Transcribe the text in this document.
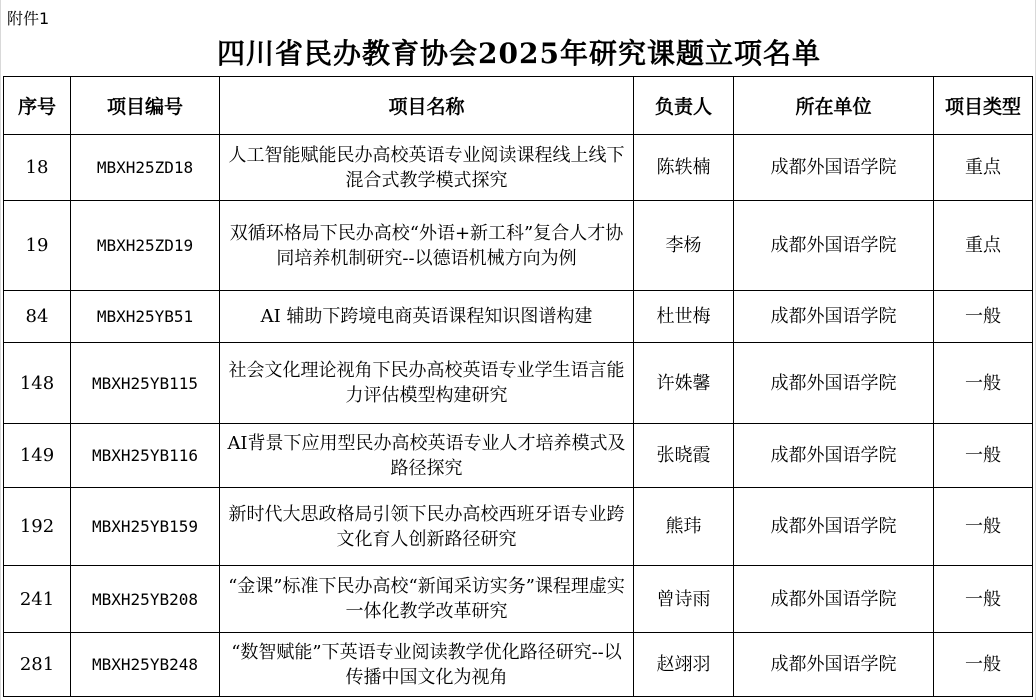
附件1
四川省民办教育协会2025年研究课题立项名单
序号	项目编号	项目名称	负责人	所在单位	项目类型
18	MBXH25ZD18	人工智能赋能民办高校英语专业阅读课程线上线下混合式教学模式探究	陈轶楠	成都外国语学院	重点
19	MBXH25ZD19	双循环格局下民办高校“外语+新工科”复合人才协同培养机制研究--以德语机械方向为例	李杨	成都外国语学院	重点
84	MBXH25YB51	AI 辅助下跨境电商英语课程知识图谱构建	杜世梅	成都外国语学院	一般
148	MBXH25YB115	社会文化理论视角下民办高校英语专业学生语言能力评估模型构建研究	许姝馨	成都外国语学院	一般
149	MBXH25YB116	AI背景下应用型民办高校英语专业人才培养模式及路径探究	张晓霞	成都外国语学院	一般
192	MBXH25YB159	新时代大思政格局引领下民办高校西班牙语专业跨文化育人创新路径研究	熊玮	成都外国语学院	一般
241	MBXH25YB208	“金课”标准下民办高校“新闻采访实务”课程理虚实一体化教学改革研究	曾诗雨	成都外国语学院	一般
281	MBXH25YB248	“数智赋能”下英语专业阅读教学优化路径研究--以传播中国文化为视角	赵翊羽	成都外国语学院	一般
